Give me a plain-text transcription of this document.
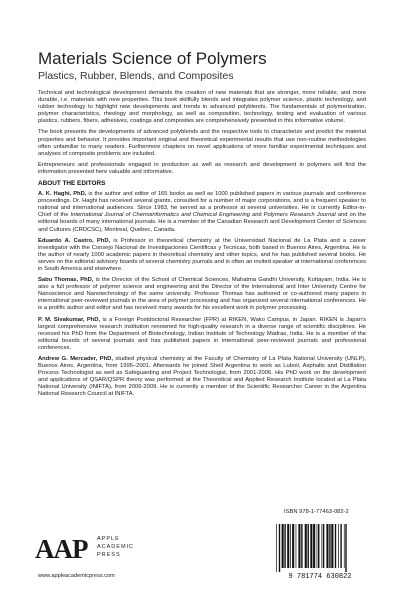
Materials Science of Polymers
Plastics, Rubber, Blends, and Composites

Technical and technological development demands the creation of new materials that are stronger, more reliable, and more durable, i.e. materials with new properties. This book skillfully blends and integrates polymer science, plastic technology, and rubber technology to highlight new developments and trends in advanced polyblends. The fundamentals of polymerization, polymer characteristics, rheology and morphology, as well as composition, technology, testing and evaluation of various plastics, rubbers, fibers, adhesives, coatings and composites are comprehensively presented in this informative volume.

The book presents the developments of advanced polyblends and the respective tools to characterize and predict the material properties and behavior. It provides important original and theoretical experimental results that use non-routine methodologies often unfamiliar to many readers. Furthermore chapters on novel applications of more familiar experimental techniques and analyses of composite problems are included.

Entrepreneurs and professionals engaged in production as well as research and development in polymers will find the information presented here valuable and informative.

ABOUT THE EDITORS

A. K. Haghi, PhD, is the author and editor of 165 books as well as 1000 published papers in various journals and conference proceedings. Dr. Haghi has received several grants, consulted for a number of major corporations, and is a frequent speaker to national and international audiences. Since 1983, he served as a professor at several universities. He is currently Editor-in-Chief of the International Journal of Chemoinformatics and Chemical Engineering and Polymers Research Journal and on the editorial boards of many international journals. He is a member of the Canadian Research and Development Center of Sciences and Cultures (CRDCSC), Montreal, Quebec, Canada.

Eduardo A. Castro, PhD, is Professor in theoretical chemistry at the Universidad Nacional de La Plata and a career investigator with the Consejo Nacional de Investigaciones Cientificas y Tecnicas, both based in Buenos Aires, Argentina. He is the author of nearly 1000 academic papers in theoretical chemistry and other topics, and he has published several books. He serves on the editorial advisory boards of several chemistry journals and is often an invited speaker at international conferences in South America and elsewhere.

Sabu Thomas, PhD, is the Director of the School of Chemical Sciences, Mahatma Gandhi University, Kottayam, India. He is also a full professor of polymer science and engineering and the Director of the International and Inter University Centre for Nanoscience and Nanotechnology of the same university. Professor Thomas has authored or co-authored many papers in international peer-reviewed journals in the area of polymer processing and has organized several international conferences. He is a prolific author and editor and has received many awards for his excellent work in polymer processing.

P. M. Sivakumar, PhD, is a Foreign Postdoctoral Researcher (FPR) at RIKEN, Wako Campus, in Japan. RIKEN is Japan's largest comprehensive research institution renowned for high-quality research in a diverse range of scientific disciplines. He received his PhD from the Department of Biotechnology, Indian Institute of Technology Madras, India. He is a member of the editorial boards of several journals and has published papers in international peer-reviewed journals and professional conferences.

Andrew G. Mercader, PhD, studied physical chemistry at the Faculty of Chemistry of La Plata National University (UNLP), Buenos Aires, Argentina, from 1995–2001. Afterwards he joined Shell Argentina to work as Luboil, Asphalts and Distillation Process Technologist as well as Safeguarding and Project Technologist, from 2001-2006. His PhD work on the development and applications of QSAR/QSPR theory was performed at the Theoretical and Applied Research Institute located at La Plata National University (INIFTA), from 2006-2009. He is currently a member of the Scientific Researcher Career in the Argentina National Research Council at INIFTA.

AAP APPLE
ACADEMIC
PRESS
www.appleacademicpress.com
ISBN 978-1-77463-082-2
9 781774 630822
